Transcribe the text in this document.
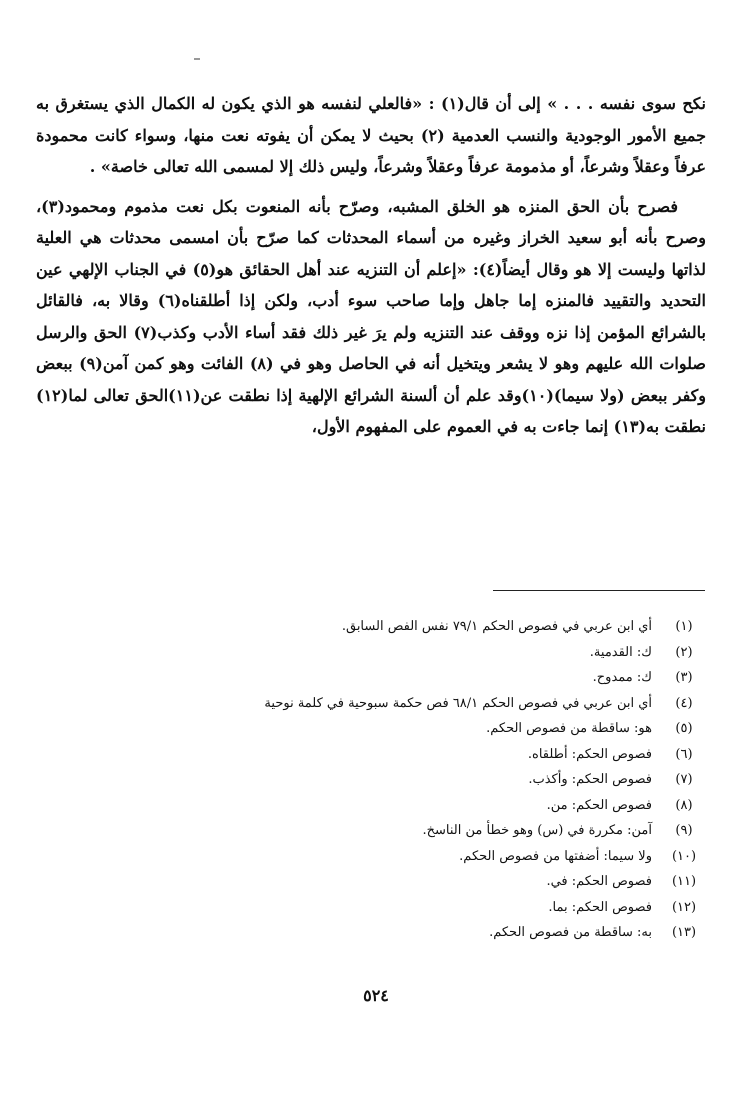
نكح سوى نفسه . . . » إلى أن قال(١) : «فالعلي لنفسه هو الذي يكون له الكمال الذي يستغرق به جميع الأمور الوجودية والنسب العدمية (٢) بحيث لا يمكن أن يفوته نعت منها، وسواء كانت محمودة عرفاً وعقلاً وشرعاً، أو مذمومة عرفاً وعقلاً وشرعاً، وليس ذلك إلا لمسمى الله تعالى خاصة» .

فصرح بأن الحق المنزه هو الخلق المشبه، وصرّح بأنه المنعوت بكل نعت مذموم ومحمود(٣)، وصرح بأنه أبو سعيد الخراز وغيره من أسماء المحدثات كما صرّح بأن امسمى محدثات هي العلية لذاتها وليست إلا هو وقال أيضاً(٤): «إعلم أن التنزيه عند أهل الحقائق هو(٥) في الجناب الإلهي عين التحديد والتقييد فالمنزه إما جاهل وإما صاحب سوء أدب، ولكن إذا أطلقناه(٦) وقالا به، فالقائل بالشرائع المؤمن إذا نزه ووقف عند التنزيه ولم يرَ غير ذلك فقد أساء الأدب وكذب(٧) الحق والرسل صلوات الله عليهم وهو لا يشعر ويتخيل أنه في الحاصل وهو في (٨) الفائت وهو كمن آمن(٩) ببعض وكفر ببعض (ولا سيما)(١٠)وقد علم أن ألسنة الشرائع الإلهية إذا نطقت عن(١١)الحق تعالى لما(١٢) نطقت به(١٣) إنما جاءت به في العموم على المفهوم الأول،

(١)
أي ابن عربي في فصوص الحكم ٧٩/١ نفس الفص السابق.
(٢)
ك: القدمية.
(٣)
ك: ممدوح.
(٤)
أي ابن عربي في فصوص الحكم ٦٨/١ فص حكمة سبوحية في كلمة نوحية
(٥)
هو: ساقطة من فصوص الحكم.
(٦)
فصوص الحكم: أطلقاه.
(٧)
فصوص الحكم: وأكذب.
(٨)
فصوص الحكم: من.
(٩)
آمن: مكررة في (س) وهو خطأ من الناسخ.
(١٠)
ولا سيما: أضفتها من فصوص الحكم.
(١١)
فصوص الحكم: في.
(١٢)
فصوص الحكم: بما.
(١٣)
به: ساقطة من فصوص الحكم.
٥٢٤
